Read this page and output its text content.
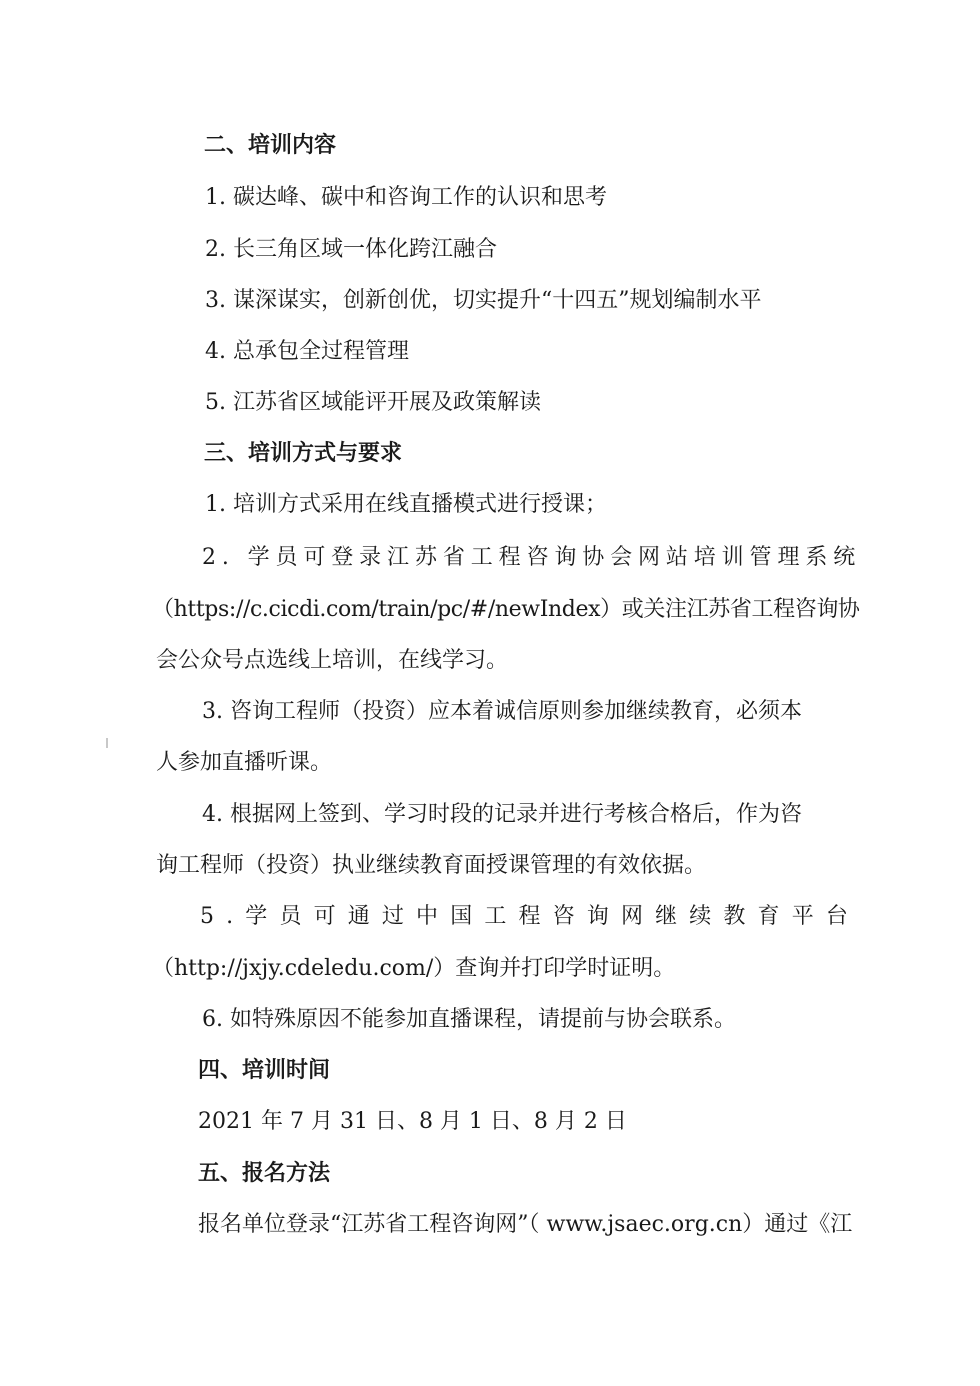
二、培训内容
1. 碳达峰、碳中和咨询工作的认识和思考
2. 长三角区域一体化跨江融合
3. 谋深谋实，创新创优，切实提升“十四五”规划编制水平
4. 总承包全过程管理
5. 江苏省区域能评开展及政策解读
三、培训方式与要求
1. 培训方式采用在线直播模式进行授课；
2. 学员可登录江苏省工程咨询协会网站培训管理系统
（https://c.cicdi.com/train/pc/#/newIndex）或关注江苏省工程咨询协
会公众号点选线上培训，在线学习。
3. 咨询工程师（投资）应本着诚信原则参加继续教育，必须本
人参加直播听课。
4. 根据网上签到、学习时段的记录并进行考核合格后，作为咨
询工程师（投资）执业继续教育面授课管理的有效依据。
5.学员可通过中国工程咨询网继续教育平台
（http://jxjy.cdeledu.com/）查询并打印学时证明。
6. 如特殊原因不能参加直播课程，请提前与协会联系。
四、培训时间
2021 年 7 月 31 日、8 月 1 日、8 月 2 日
五、报名方法
报名单位登录“江苏省工程咨询网”（ www.jsaec.org.cn）通过《江
